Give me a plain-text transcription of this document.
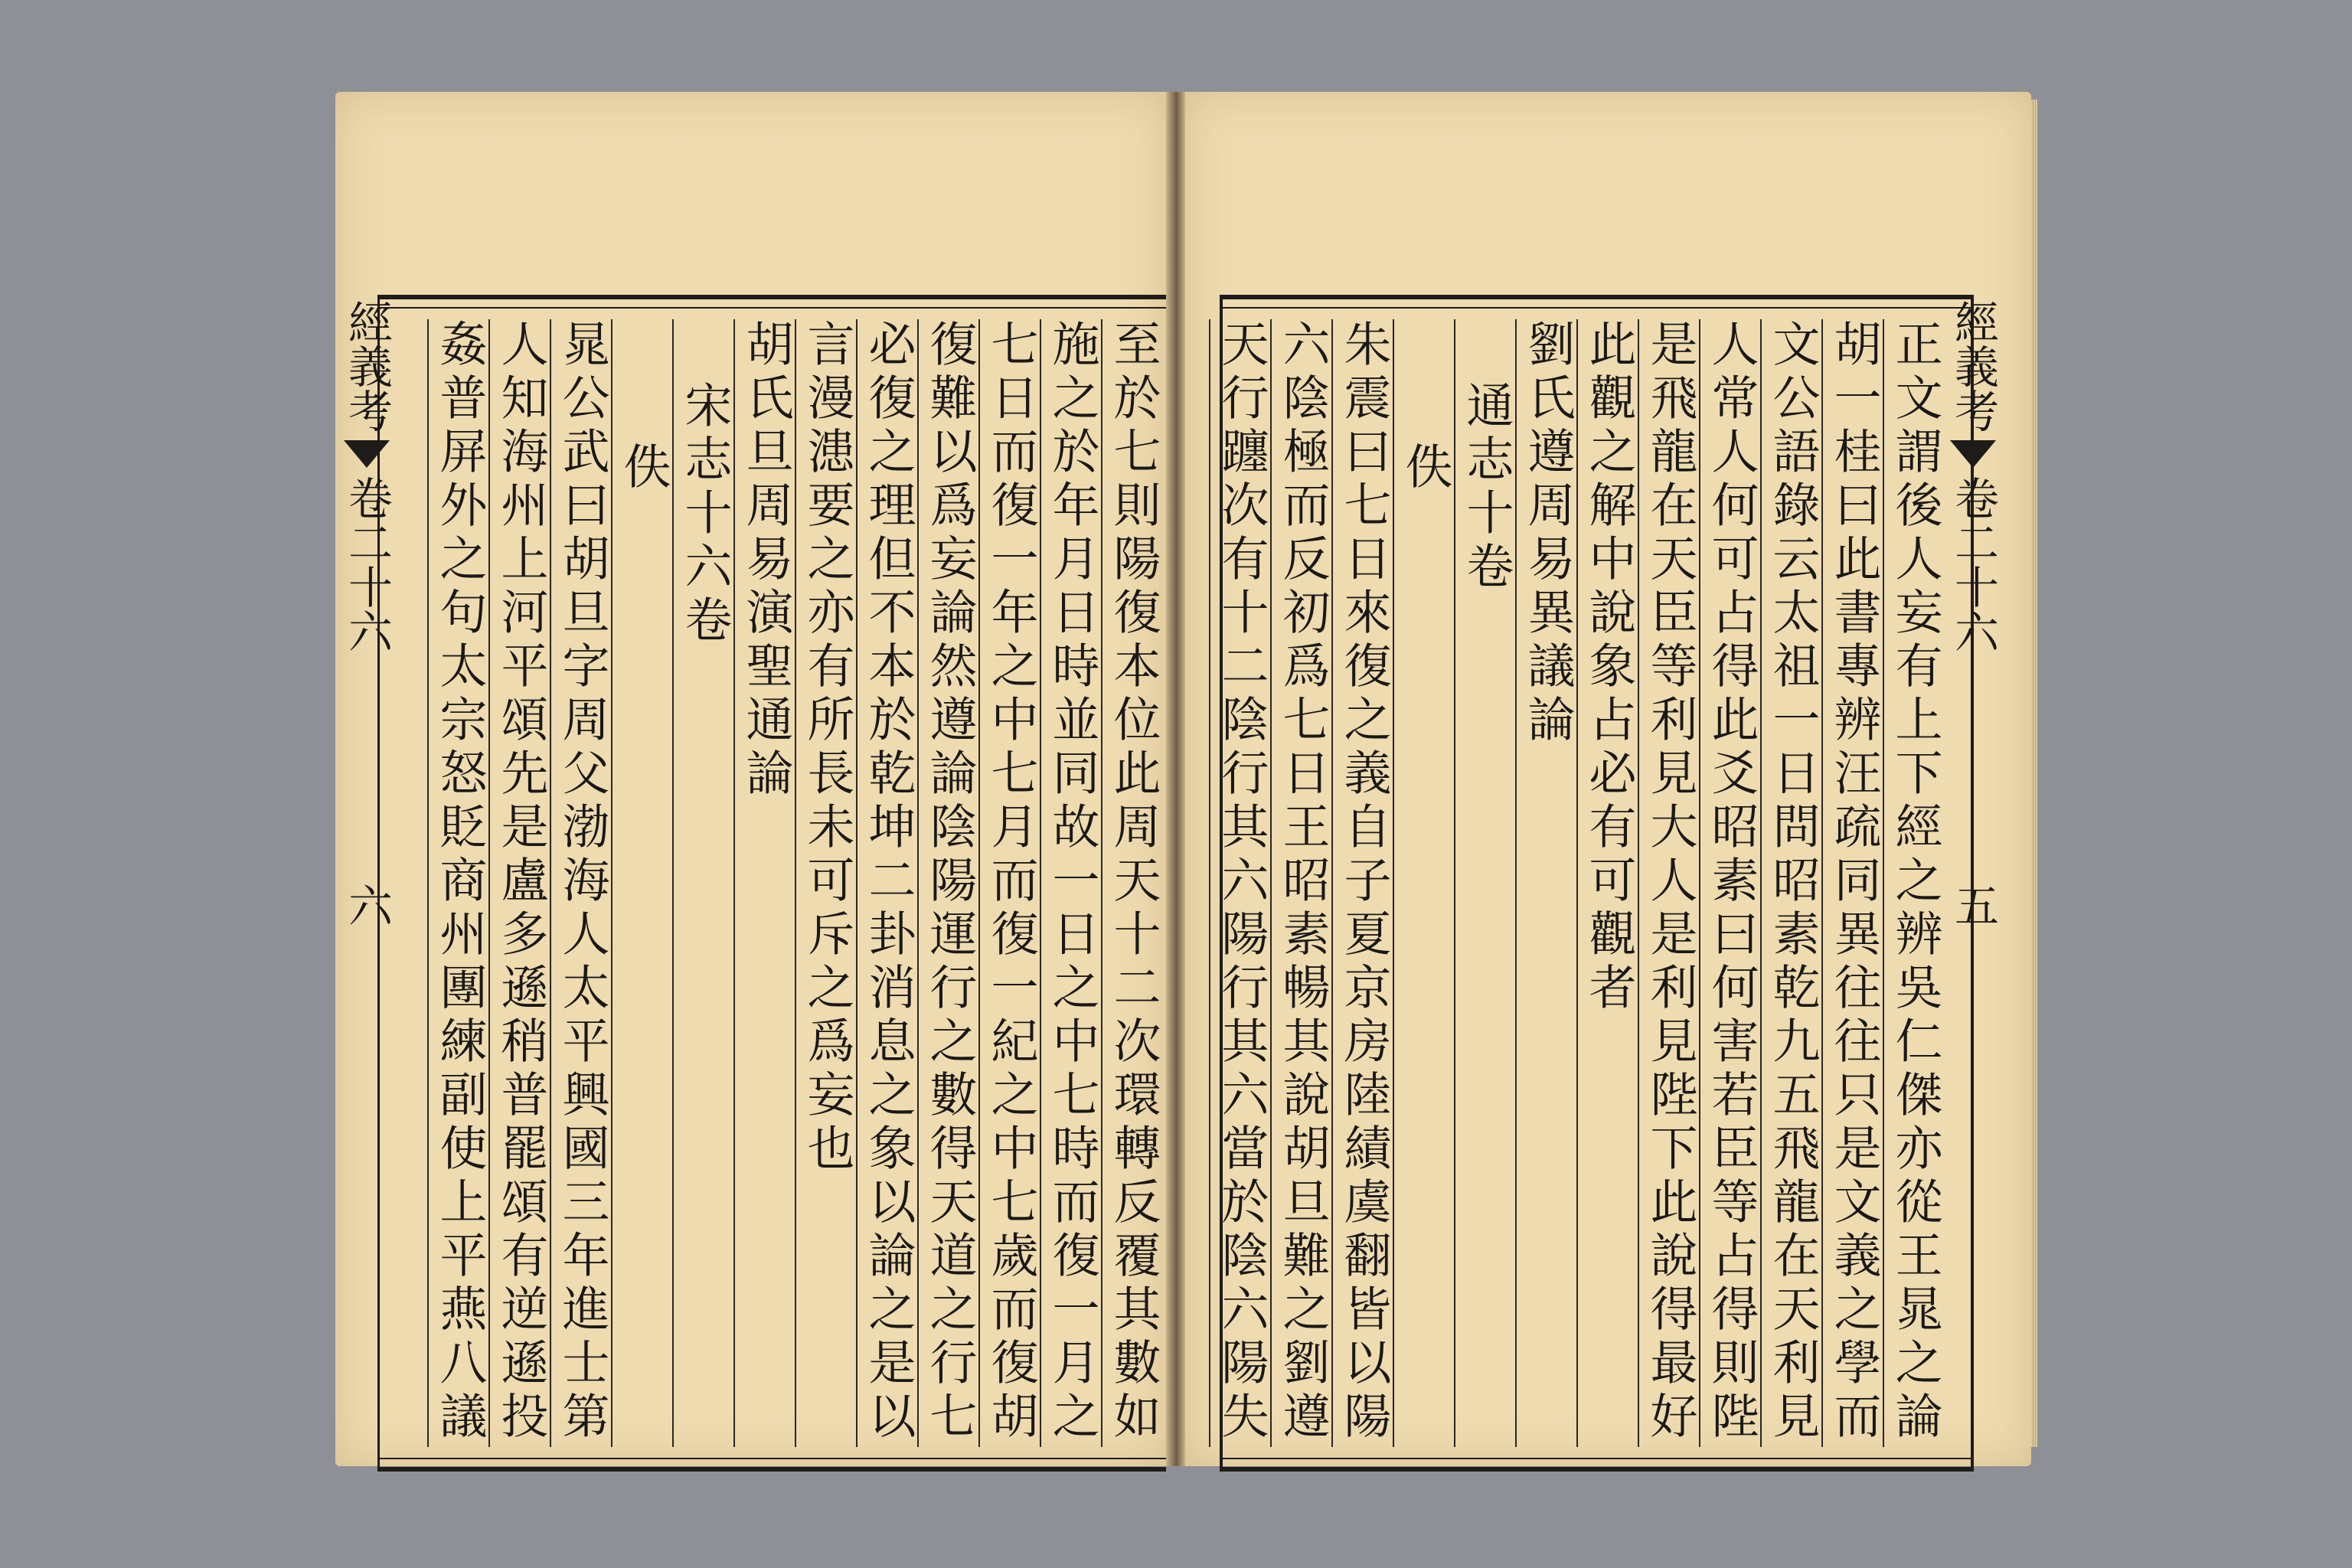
經義考卷二十六六
至於七則陽復本位此周天十二次環轉反覆其數如
施之於年月日時並同故一日之中七時而復一月之
七日而復一年之中七月而復一紀之中七歲而復胡
復難以爲妄論然遵論陰陽運行之數得天道之行七
必復之理但不本於乾坤二卦消息之象以論之是以
言漫漶要之亦有所長未可斥之爲妄也
胡氏旦周易演聖通論
宋志十六卷
佚
晁公武曰胡旦字周父渤海人太平興國三年進士第
人知海州上河平頌先是盧多遜稍普罷頌有逆遜投
姦普屏外之句太宗怒貶商州團練副使上平燕八議	正文謂後人妄有上下經之辨吳仁傑亦從王晁之論
胡一桂曰此書專辨汪疏同異往往只是文義之學而
文公語錄云太祖一日問昭素乾九五飛龍在天利見
人常人何可占得此爻昭素曰何害若臣等占得則陛
是飛龍在天臣等利見大人是利見陛下此說得最好
此觀之解中說象占必有可觀者
劉氏遵周易異議論
通志十卷
佚
朱震曰七日來復之義自子夏京房陸績虞翻皆以陽
六陰極而反初爲七日王昭素暢其說胡旦難之劉遵
天行躔次有十二陰行其六陽行其六當於陰六陽失
經義考卷二十六五
